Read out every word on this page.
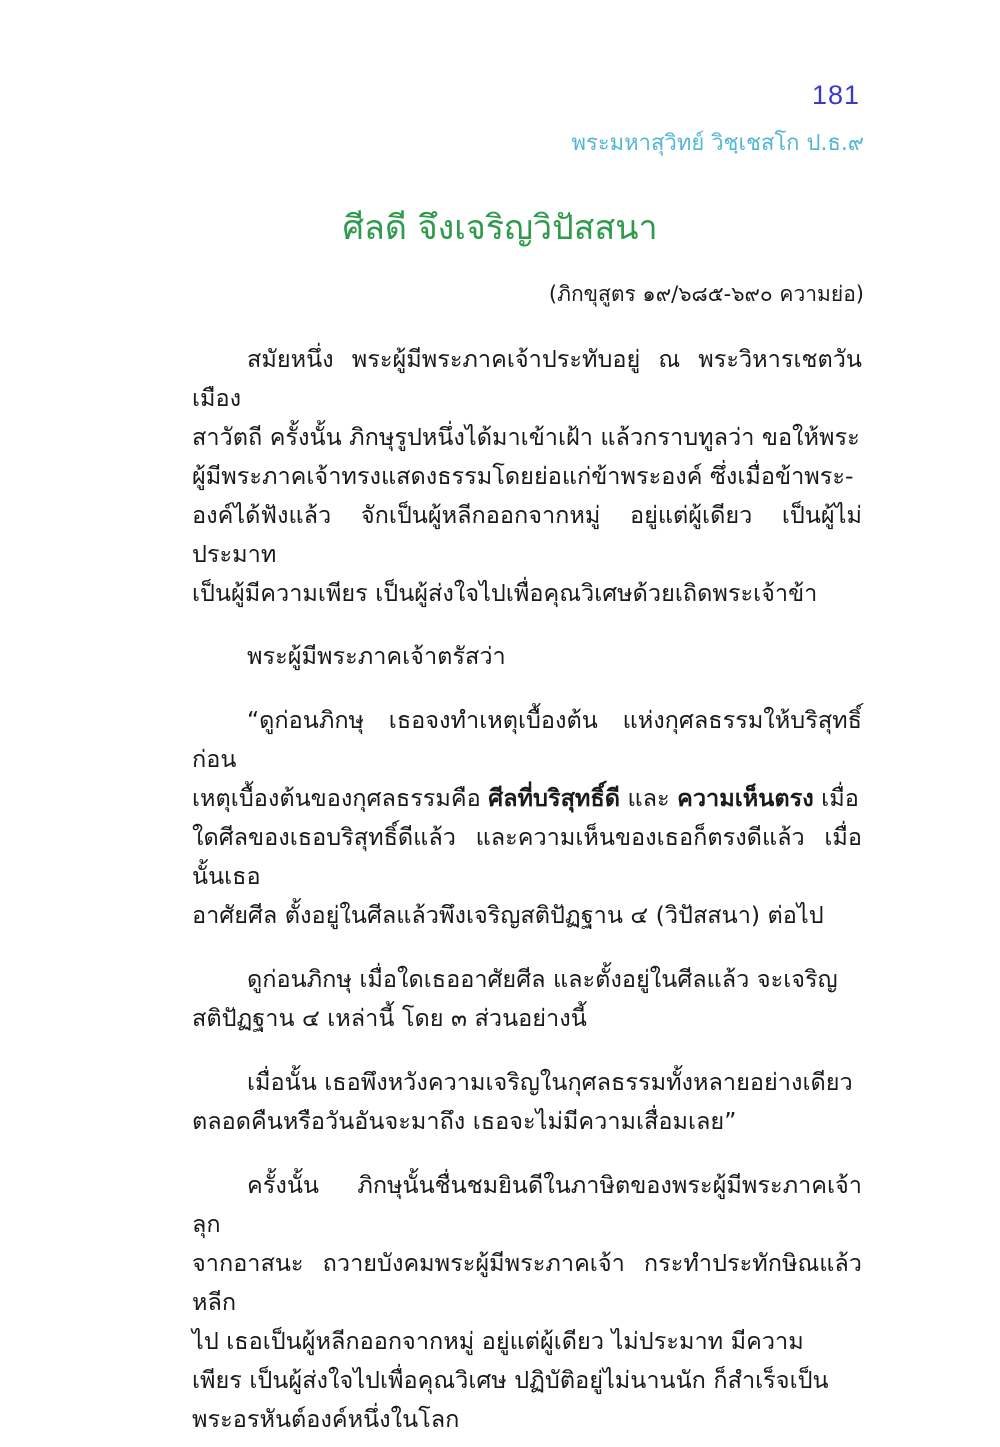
181
พระมหาสุวิทย์ วิชฺเชสโก ป.ธ.๙
ศีลดี จึงเจริญวิปัสสนา
(ภิกขุสูตร ๑๙/๖๘๕-๖๙๐ ความย่อ)

สมัยหนึ่ง พระผู้มีพระภาคเจ้าประทับอยู่ ณ พระวิหารเชตวัน เมือง
สาวัตถี ครั้งนั้น ภิกษุรูปหนึ่งได้มาเข้าเฝ้า แล้วกราบทูลว่า ขอให้พระ
ผู้มีพระภาคเจ้าทรงแสดงธรรมโดยย่อแก่ข้าพระองค์ ซึ่งเมื่อข้าพระ-
องค์ได้ฟังแล้ว จักเป็นผู้หลีกออกจากหมู่ อยู่แต่ผู้เดียว เป็นผู้ไม่ประมาท
เป็นผู้มีความเพียร เป็นผู้ส่งใจไปเพื่อคุณวิเศษด้วยเถิดพระเจ้าข้า

พระผู้มีพระภาคเจ้าตรัสว่า

“ดูก่อนภิกษุ เธอจงทำเหตุเบื้องต้น แห่งกุศลธรรมให้บริสุทธิ์ก่อน
เหตุเบื้องต้นของกุศลธรรมคือ ศีลที่บริสุทธิ์ดี และ ความเห็นตรง เมื่อ
ใดศีลของเธอบริสุทธิ์ดีแล้ว และความเห็นของเธอก็ตรงดีแล้ว เมื่อนั้นเธอ
อาศัยศีล ตั้งอยู่ในศีลแล้วพึงเจริญสติปัฏฐาน ๔ (วิปัสสนา) ต่อไป

ดูก่อนภิกษุ เมื่อใดเธออาศัยศีล และตั้งอยู่ในศีลแล้ว จะเจริญ
สติปัฏฐาน ๔ เหล่านี้ โดย ๓ ส่วนอย่างนี้

เมื่อนั้น เธอพึงหวังความเจริญในกุศลธรรมทั้งหลายอย่างเดียว
ตลอดคืนหรือวันอันจะมาถึง เธอจะไม่มีความเสื่อมเลย”

ครั้งนั้น ภิกษุนั้นชื่นชมยินดีในภาษิตของพระผู้มีพระภาคเจ้า ลุก
จากอาสนะ ถวายบังคมพระผู้มีพระภาคเจ้า กระทำประทักษิณแล้วหลีก
ไป เธอเป็นผู้หลีกออกจากหมู่ อยู่แต่ผู้เดียว ไม่ประมาท มีความ
เพียร เป็นผู้ส่งใจไปเพื่อคุณวิเศษ ปฏิบัติอยู่ไม่นานนัก ก็สำเร็จเป็น
พระอรหันต์องค์หนึ่งในโลก
